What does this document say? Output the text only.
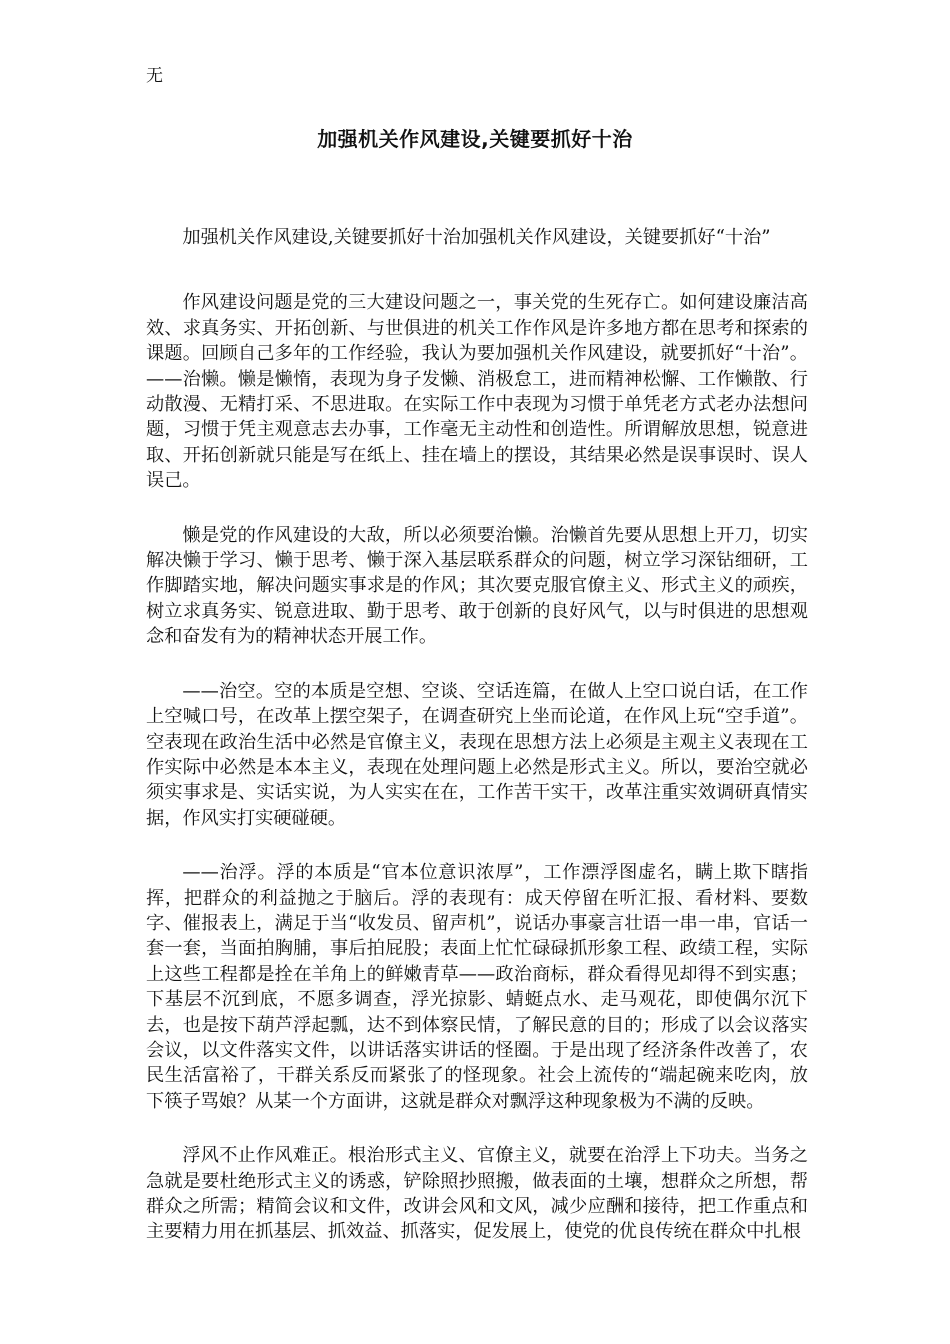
无
加强机关作风建设,关键要抓好十治

加强机关作风建设,关键要抓好十治加强机关作风建设，关键要抓好“十治”

作风建设问题是党的三大建设问题之一，事关党的生死存亡。如何建设廉洁高效、求真务实、开拓创新、与世俱进的机关工作作风是许多地方都在思考和探索的课题。回顾自己多年的工作经验，我认为要加强机关作风建设，就要抓好“十治”。——治懒。懒是懒惰，表现为身子发懒、消极怠工，进而精神松懈、工作懒散、行动散漫、无精打采、不思进取。在实际工作中表现为习惯于单凭老方式老办法想问题，习惯于凭主观意志去办事，工作毫无主动性和创造性。所谓解放思想，锐意进取、开拓创新就只能是写在纸上、挂在墙上的摆设，其结果必然是误事误时、误人误己。

懒是党的作风建设的大敌，所以必须要治懒。治懒首先要从思想上开刀，切实解决懒于学习、懒于思考、懒于深入基层联系群众的问题，树立学习深钻细研，工作脚踏实地，解决问题实事求是的作风；其次要克服官僚主义、形式主义的顽疾，树立求真务实、锐意进取、勤于思考、敢于创新的良好风气，以与时俱进的思想观念和奋发有为的精神状态开展工作。

——治空。空的本质是空想、空谈、空话连篇，在做人上空口说白话，在工作上空喊口号，在改革上摆空架子，在调查研究上坐而论道，在作风上玩“空手道”。空表现在政治生活中必然是官僚主义，表现在思想方法上必须是主观主义表现在工作实际中必然是本本主义，表现在处理问题上必然是形式主义。所以，要治空就必须实事求是、实话实说，为人实实在在，工作苦干实干，改革注重实效调研真情实据，作风实打实硬碰硬。

——治浮。浮的本质是“官本位意识浓厚”，工作漂浮图虚名，瞒上欺下瞎指挥，把群众的利益抛之于脑后。浮的表现有：成天停留在听汇报、看材料、要数字、催报表上，满足于当“收发员、留声机”，说话办事豪言壮语一串一串，官话一套一套，当面拍胸脯，事后拍屁股；表面上忙忙碌碌抓形象工程、政绩工程，实际上这些工程都是拴在羊角上的鲜嫩青草——政治商标，群众看得见却得不到实惠；下基层不沉到底，不愿多调查，浮光掠影、蜻蜓点水、走马观花，即使偶尔沉下去，也是按下葫芦浮起瓢，达不到体察民情，了解民意的目的；形成了以会议落实会议，以文件落实文件，以讲话落实讲话的怪圈。于是出现了经济条件改善了，农民生活富裕了，干群关系反而紧张了的怪现象。社会上流传的“端起碗来吃肉，放下筷子骂娘？从某一个方面讲，这就是群众对飘浮这种现象极为不满的反映。

浮风不止作风难正。根治形式主义、官僚主义，就要在治浮上下功夫。当务之急就是要杜绝形式主义的诱惑，铲除照抄照搬，做表面的土壤，想群众之所想，帮群众之所需；精简会议和文件，改讲会风和文风，减少应酬和接待，把工作重点和主要精力用在抓基层、抓效益、抓落实，促发展上，使党的优良传统在群众中扎根
